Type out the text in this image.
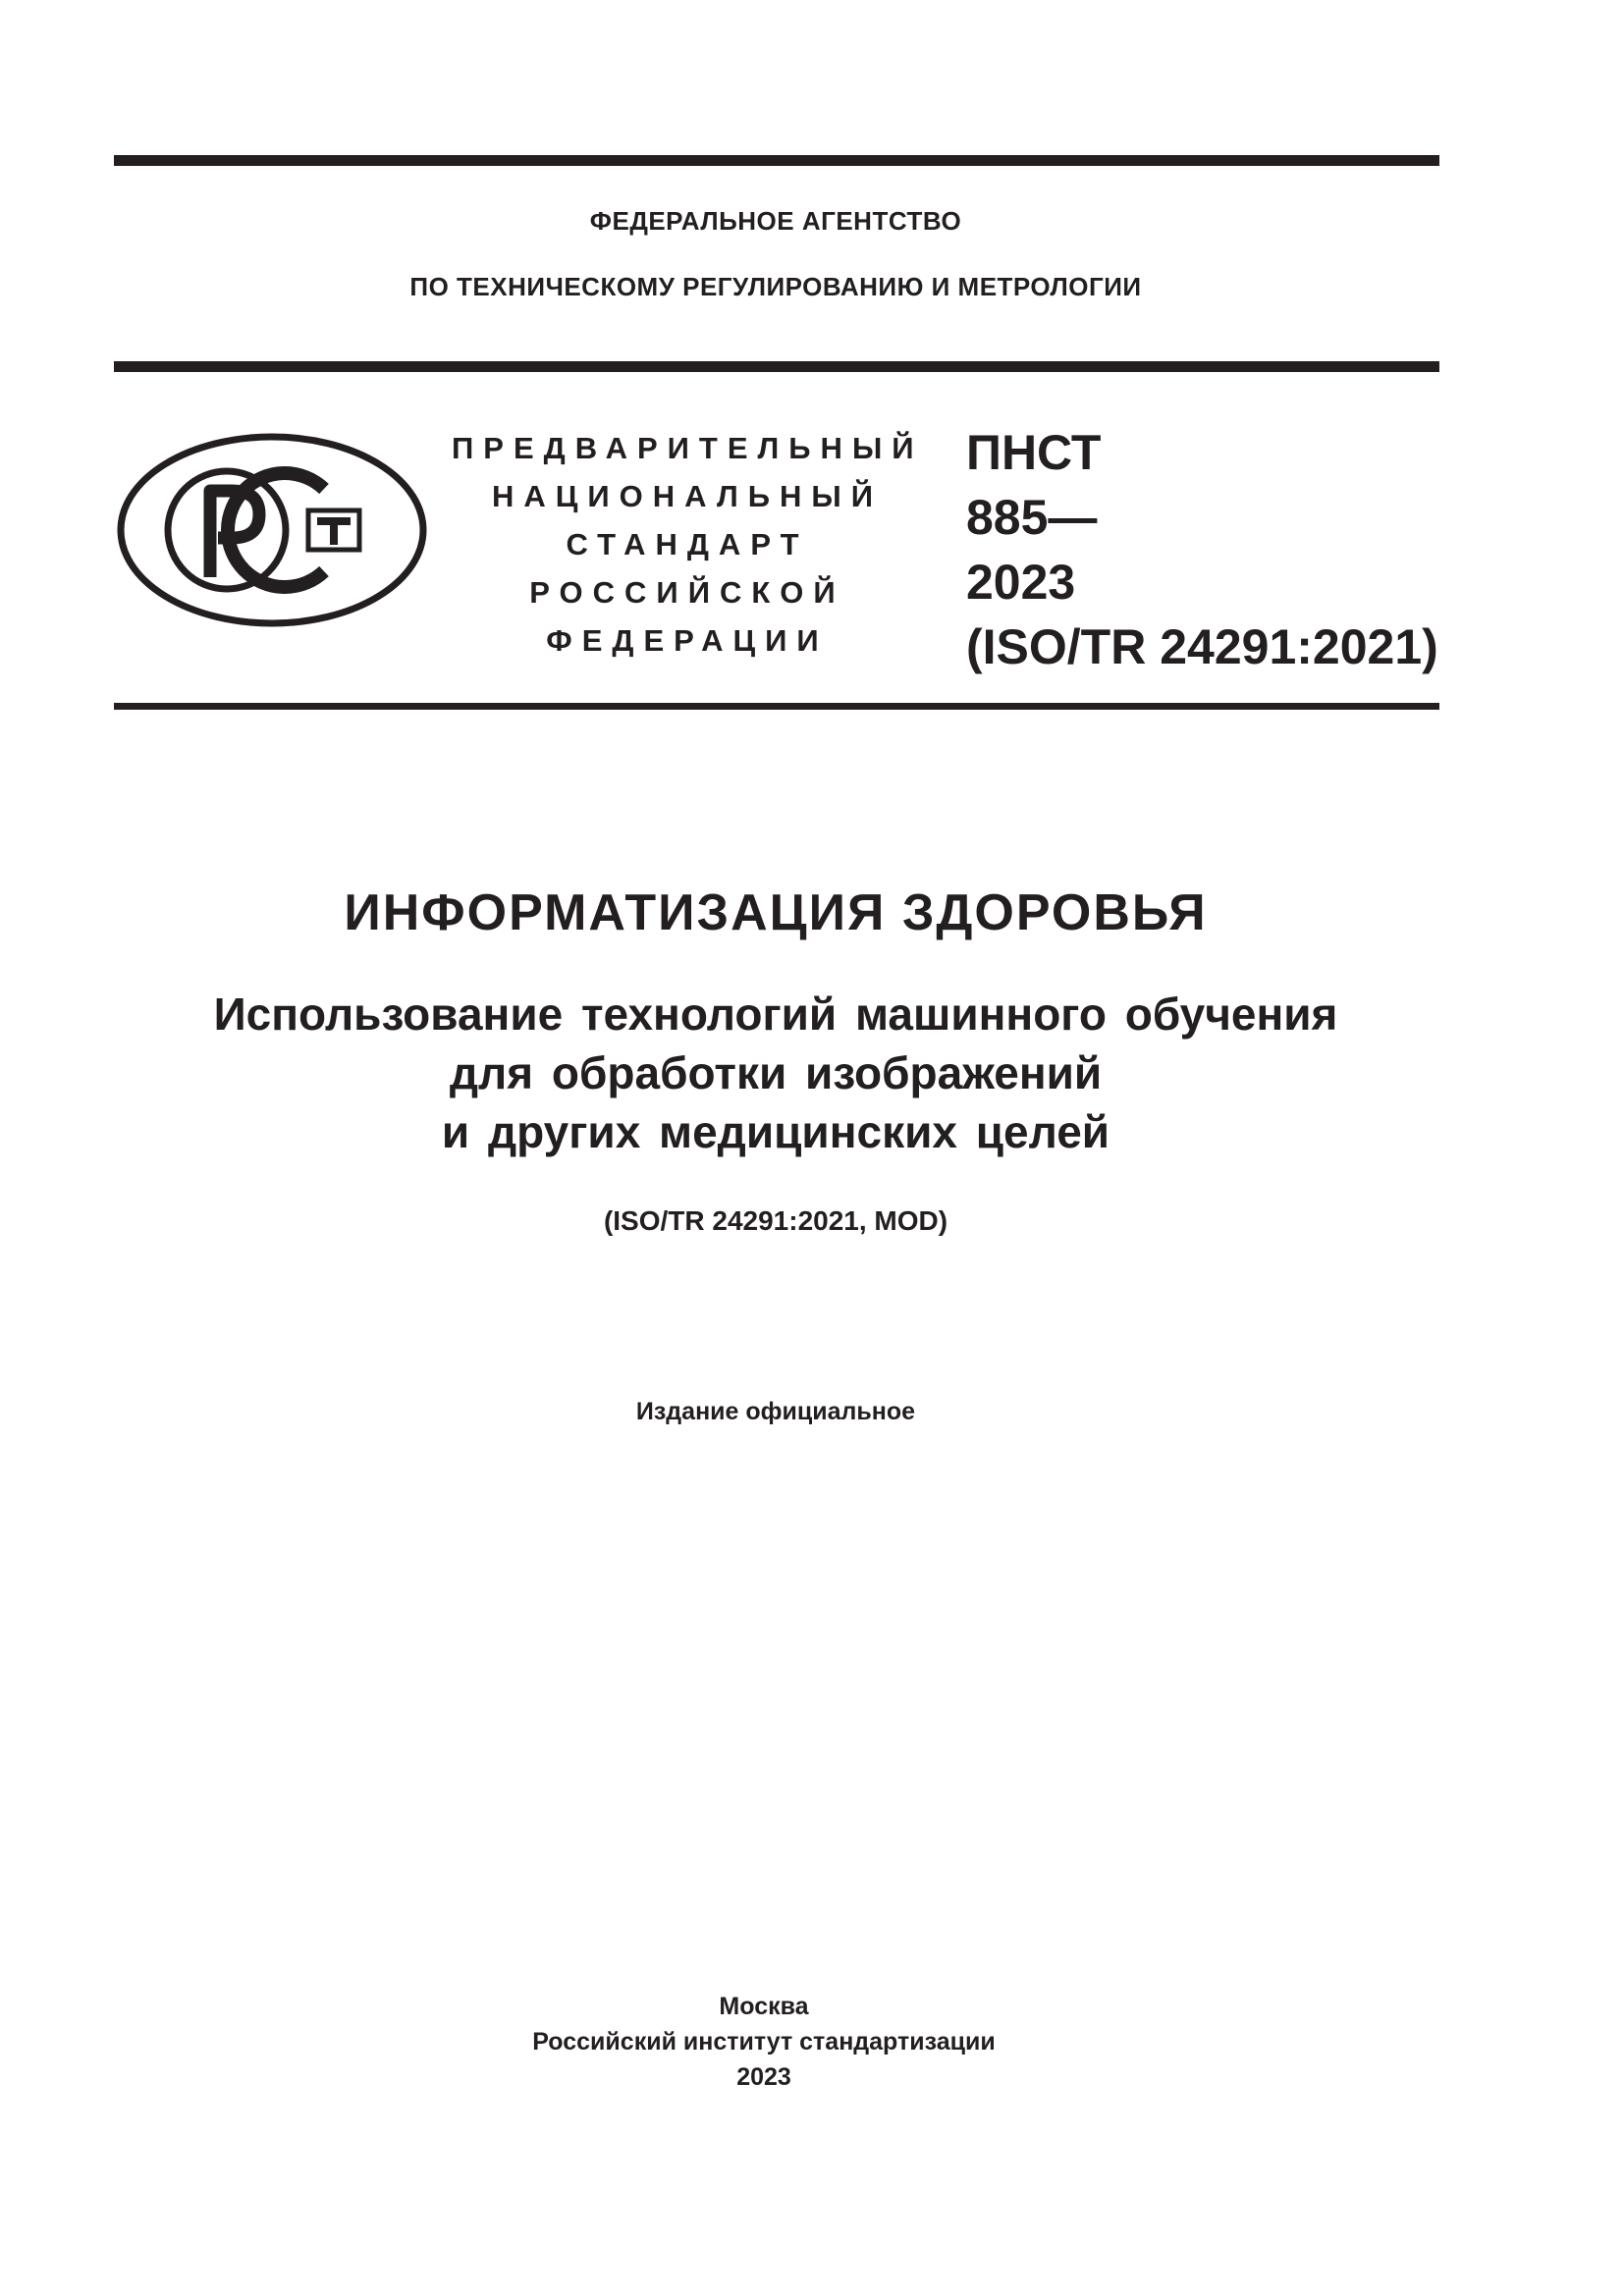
ФЕДЕРАЛЬНОЕ АГЕНТСТВО
ПО ТЕХНИЧЕСКОМУ РЕГУЛИРОВАНИЮ И МЕТРОЛОГИИ
ПРЕДВАРИТЕЛЬНЫЙ
НАЦИОНАЛЬНЫЙ
СТАНДАРТ
РОССИЙСКОЙ
ФЕДЕРАЦИИ
ПНСТ
885—
2023
(ISO/TR 24291:2021)
ИНФОРМАТИЗАЦИЯ ЗДОРОВЬЯ
Использование технологий машинного обучения
для обработки изображений
и других медицинских целей
(ISO/TR 24291:2021, MOD)
Издание официальное
Москва
Российский институт стандартизации
2023
